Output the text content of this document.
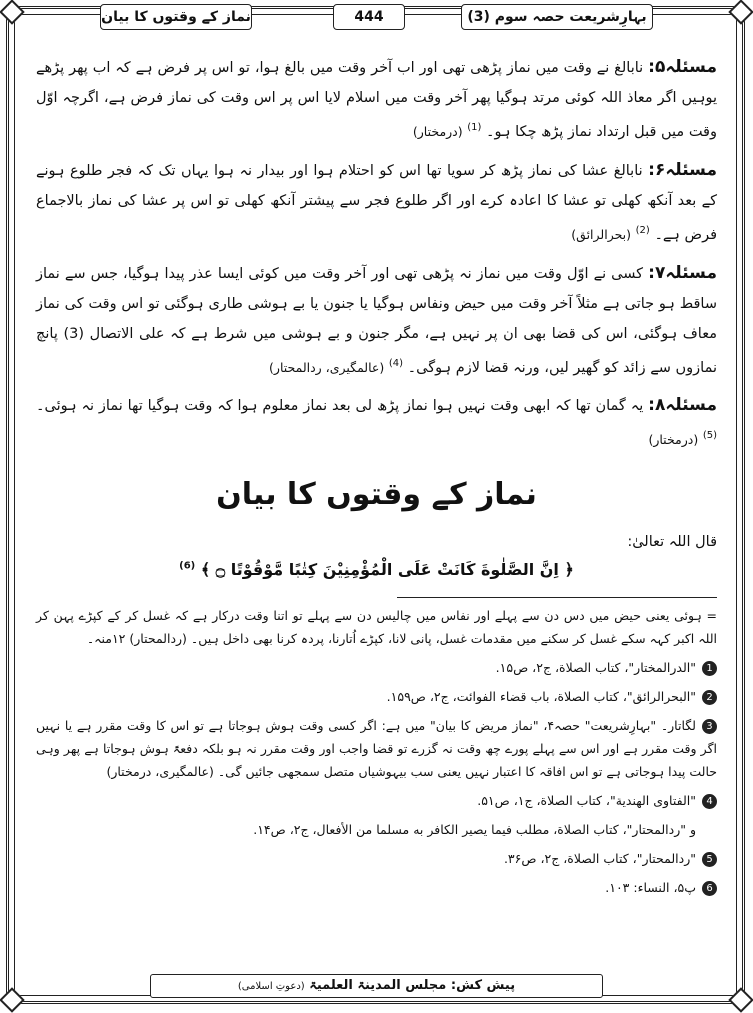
بہارِشریعت حصہ سوم (3)
444
نماز کے وقتوں کا بیان

مسئلہ۵: نابالغ نے وقت میں نماز پڑھی تھی اور اب آخر وقت میں بالغ ہوا، تو اس پر فرض ہے کہ اب پھر پڑھے یوہیں اگر معاذ اللہ کوئی مرتد ہوگیا پھر آخر وقت میں اسلام لایا اس پر اس وقت کی نماز فرض ہے، اگرچہ اوّل وقت میں قبل ارتداد نماز پڑھ چکا ہو۔ $^{(1)}$ (درمختار)

مسئلہ۶: نابالغ عشا کی نماز پڑھ کر سویا تھا اس کو احتلام ہوا اور بیدار نہ ہوا یہاں تک کہ فجر طلوع ہونے کے بعد آنکھ کھلی تو عشا کا اعادہ کرے اور اگر طلوع فجر سے پیشتر آنکھ کھلی تو اس پر عشا کی نماز بالاجماع فرض ہے۔ $^{(2)}$ (بحرالرائق)

مسئلہ۷: کسی نے اوّل وقت میں نماز نہ پڑھی تھی اور آخر وقت میں کوئی ایسا عذر پیدا ہوگیا، جس سے نماز ساقط ہو جاتی ہے مثلاً آخر وقت میں حیض ونفاس ہوگیا یا جنون یا بے ہوشی طاری ہوگئی تو اس وقت کی نماز معاف ہوگئی، اس کی قضا بھی ان پر نہیں ہے، مگر جنون و بے ہوشی میں شرط ہے کہ علی الاتصال (3) پانچ نمازوں سے زائد کو گھیر لیں، ورنہ قضا لازم ہوگی۔ $^{(4)}$ (عالمگیری، ردالمحتار)

مسئلہ۸: یہ گمان تھا کہ ابھی وقت نہیں ہوا نماز پڑھ لی بعد نماز معلوم ہوا کہ وقت ہوگیا تھا نماز نہ ہوئی۔ $^{(5)}$ (درمختار)

نماز کے وقتوں کا بیان
قال اللہ تعالیٰ:
﴿ اِنَّ الصَّلٰوةَ كَانَتْ عَلَى الْمُؤْمِنِيْنَ كِتٰبًا مَّوْقُوْتًا ۝ ﴾ $^{(6)}$
= ہوئی یعنی حیض میں دس دن سے پہلے اور نفاس میں چالیس دن سے پہلے تو اتنا وقت درکار ہے کہ غسل کر کے کپڑے پہن کر اللہ اکبر کہہ سکے غسل کر سکنے میں مقدمات غسل، پانی لانا، کپڑے اُتارنا، پردہ کرنا بھی داخل ہیں۔ (ردالمحتار) ۱۲منہ۔
1"الدرالمختار"، كتاب الصلاة، ج۲، ص۱۵.
2"البحرالرائق"، كتاب الصلاة، باب قضاء الفوائت، ج۲، ص۱۵۹.
3لگاتار۔ "بہارِشریعت" حصہ۴، "نماز مریض کا بیان" میں ہے: اگر کسی وقت ہوش ہوجاتا ہے تو اس کا وقت مقرر ہے یا نہیں اگر وقت مقرر ہے اور اس سے پہلے پورے چھ وقت نہ گزرے تو قضا واجب اور وقت مقرر نہ ہو بلکہ دفعۃً ہوش ہوجاتا ہے پھر وہی حالت پیدا ہوجاتی ہے تو اس افاقہ کا اعتبار نہیں یعنی سب بیہوشیاں متصل سمجھی جائیں گی۔ (عالمگیری، درمختار)
4"الفتاوى الهندية"، كتاب الصلاة، ج۱، ص۵۱.
و "ردالمحتار"، كتاب الصلاة، مطلب فيما يصير الكافر به مسلما من الأفعال، ج۲، ص۱۴.
5"ردالمحتار"، كتاب الصلاة، ج۲، ص۳۶.
6پ۵، النساء: ۱۰۳.
پیش کش: مجلس المدینۃ العلمیۃ (دعوتِ اسلامی)
